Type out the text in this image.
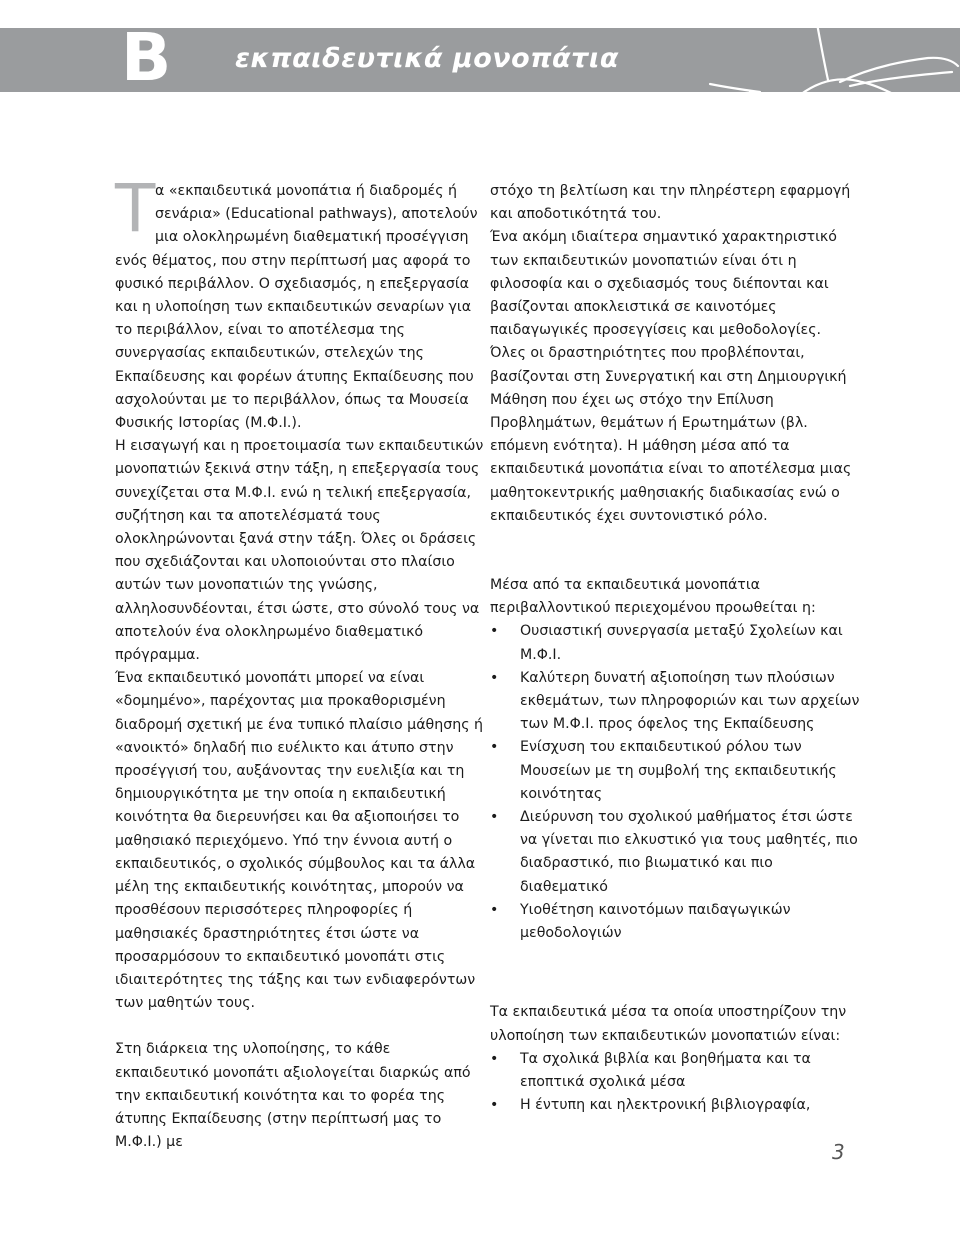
B εκπαιδευτικά μονοπάτια

Τα «εκπαιδευτικά μονοπάτια ή διαδρομές ή σενάρια» (Educational pathways), αποτελούν μια ολοκληρωμένη διαθεματική προσέγγιση ενός θέματος, που στην περίπτωσή μας αφορά το φυσικό περιβάλλον. Ο σχεδιασμός, η επεξεργασία και η υλοποίηση των εκπαιδευτικών σεναρίων για το περιβάλλον, είναι το αποτέλεσμα της συνεργασίας εκπαιδευτικών, στελεχών της Εκπαίδευσης και φορέων άτυπης Εκπαίδευσης που ασχολούνται με το περιβάλλον, όπως τα Μουσεία Φυσικής Ιστορίας (Μ.Φ.Ι.).

Η εισαγωγή και η προετοιμασία των εκπαιδευτικών μονοπατιών ξεκινά στην τάξη, η επεξεργασία τους συνεχίζεται στα Μ.Φ.Ι. ενώ η τελική επεξεργασία, συζήτηση και τα αποτελέσματά τους ολοκληρώνονται ξανά στην τάξη. Όλες οι δράσεις που σχεδιάζονται και υλοποιούνται στο πλαίσιο αυτών των μονοπατιών της γνώσης, αλληλοσυνδέονται, έτσι ώστε, στο σύνολό τους να αποτελούν ένα ολοκληρωμένο διαθεματικό πρόγραμμα.

Ένα εκπαιδευτικό μονοπάτι μπορεί να είναι «δομημένο», παρέχοντας μια προκαθορισμένη διαδρομή σχετική με ένα τυπικό πλαίσιο μάθησης ή «ανοικτό» δηλαδή πιο ευέλικτο και άτυπο στην προσέγγισή του, αυξάνοντας την ευελιξία και τη δημιουργικότητα με την οποία η εκπαιδευτική κοινότητα θα διερευνήσει και θα αξιοποιήσει το μαθησιακό περιεχόμενο. Υπό την έννοια αυτή ο εκπαιδευτικός, ο σχολικός σύμβουλος και τα άλλα μέλη της εκπαιδευτικής κοινότητας, μπορούν να προσθέσουν περισσότερες πληροφορίες ή μαθησιακές δραστηριότητες έτσι ώστε να προσαρμόσουν το εκπαιδευτικό μονοπάτι στις ιδιαιτερότητες της τάξης και των ενδιαφερόντων των μαθητών τους.

Στη διάρκεια της υλοποίησης, το κάθε εκπαιδευτικό μονοπάτι αξιολογείται διαρκώς από την εκπαιδευτική κοινότητα και το φορέα της άτυπης Εκπαίδευσης (στην περίπτωσή μας το Μ.Φ.Ι.) με

στόχο τη βελτίωση και την πληρέστερη εφαρμογή και αποδοτικότητά του.

Ένα ακόμη ιδιαίτερα σημαντικό χαρακτηριστικό των εκπαιδευτικών μονοπατιών είναι ότι η φιλοσοφία και ο σχεδιασμός τους διέπονται και βασίζονται αποκλειστικά σε καινοτόμες παιδαγωγικές προσεγγίσεις και μεθοδολογίες. Όλες οι δραστηριότητες που προβλέπονται, βασίζονται στη Συνεργατική και στη Δημιουργική Μάθηση που έχει ως στόχο την Επίλυση Προβλημάτων, θεμάτων ή Ερωτημάτων (βλ. επόμενη ενότητα). Η μάθηση μέσα από τα εκπαιδευτικά μονοπάτια είναι το αποτέλεσμα μιας μαθητοκεντρικής μαθησιακής διαδικασίας ενώ ο εκπαιδευτικός έχει συντονιστικό ρόλο.

Μέσα από τα εκπαιδευτικά μονοπάτια περιβαλλοντικού περιεχομένου προωθείται η:

• Ουσιαστική συνεργασία μεταξύ Σχολείων και Μ.Φ.Ι.
• Καλύτερη δυνατή αξιοποίηση των πλούσιων εκθεμάτων, των πληροφοριών και των αρχείων των Μ.Φ.Ι. προς όφελος της Εκπαίδευσης
• Ενίσχυση του εκπαιδευτικού ρόλου των Μουσείων με τη συμβολή της εκπαιδευτικής κοινότητας
• Διεύρυνση του σχολικού μαθήματος έτσι ώστε να γίνεται πιο ελκυστικό για τους μαθητές, πιο διαδραστικό, πιο βιωματικό και πιο διαθεματικό
• Υιοθέτηση καινοτόμων παιδαγωγικών μεθοδολογιών

Τα εκπαιδευτικά μέσα τα οποία υποστηρίζουν την υλοποίηση των εκπαιδευτικών μονοπατιών είναι:

• Τα σχολικά βιβλία και βοηθήματα και τα εποπτικά σχολικά μέσα
• Η έντυπη και ηλεκτρονική βιβλιογραφία,
3
